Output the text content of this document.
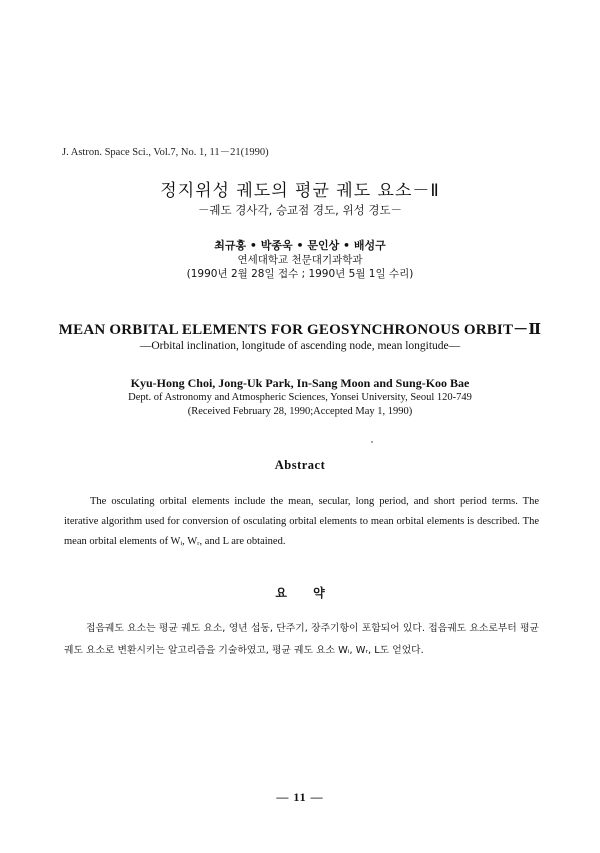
J. Astron. Space Sci., Vol.7, No. 1, 11－21(1990)
정지위성 궤도의 평균 궤도 요소－Ⅱ
－궤도 경사각, 승교점 경도, 위성 경도－
최규홍 • 박종욱 • 문인상 • 배성구
연세대학교 천문대기과학과
(1990년 2월 28일 접수 ; 1990년 5월 1일 수리)
MEAN ORBITAL ELEMENTS FOR GEOSYNCHRONOUS ORBIT－Ⅱ
—Orbital inclination, longitude of ascending node, mean longitude—
Kyu-Hong Choi, Jong-Uk Park, In-Sang Moon and Sung-Koo Bae
Dept. of Astronomy and Atmospheric Sciences, Yonsei University, Seoul 120-749
(Received February 28, 1990;Accepted May 1, 1990)
Abstract
The osculating orbital elements include the mean, secular, long period, and short period terms. The iterative algorithm used for conversion of osculating orbital elements to mean orbital elements is described. The mean orbital elements of Wᵢ, Wᵣ, and L are obtained.
요 약
접음궤도 요소는 평균 궤도 요소, 영년 섭동, 단주기, 장주기항이 포함되어 있다. 접음궤도 요소로부터 평균 궤도 요소로 변환시키는 알고리즘을 기술하였고, 평균 궤도 요소 Wᵢ, Wᵣ, L도 얻었다.
— 11 —
